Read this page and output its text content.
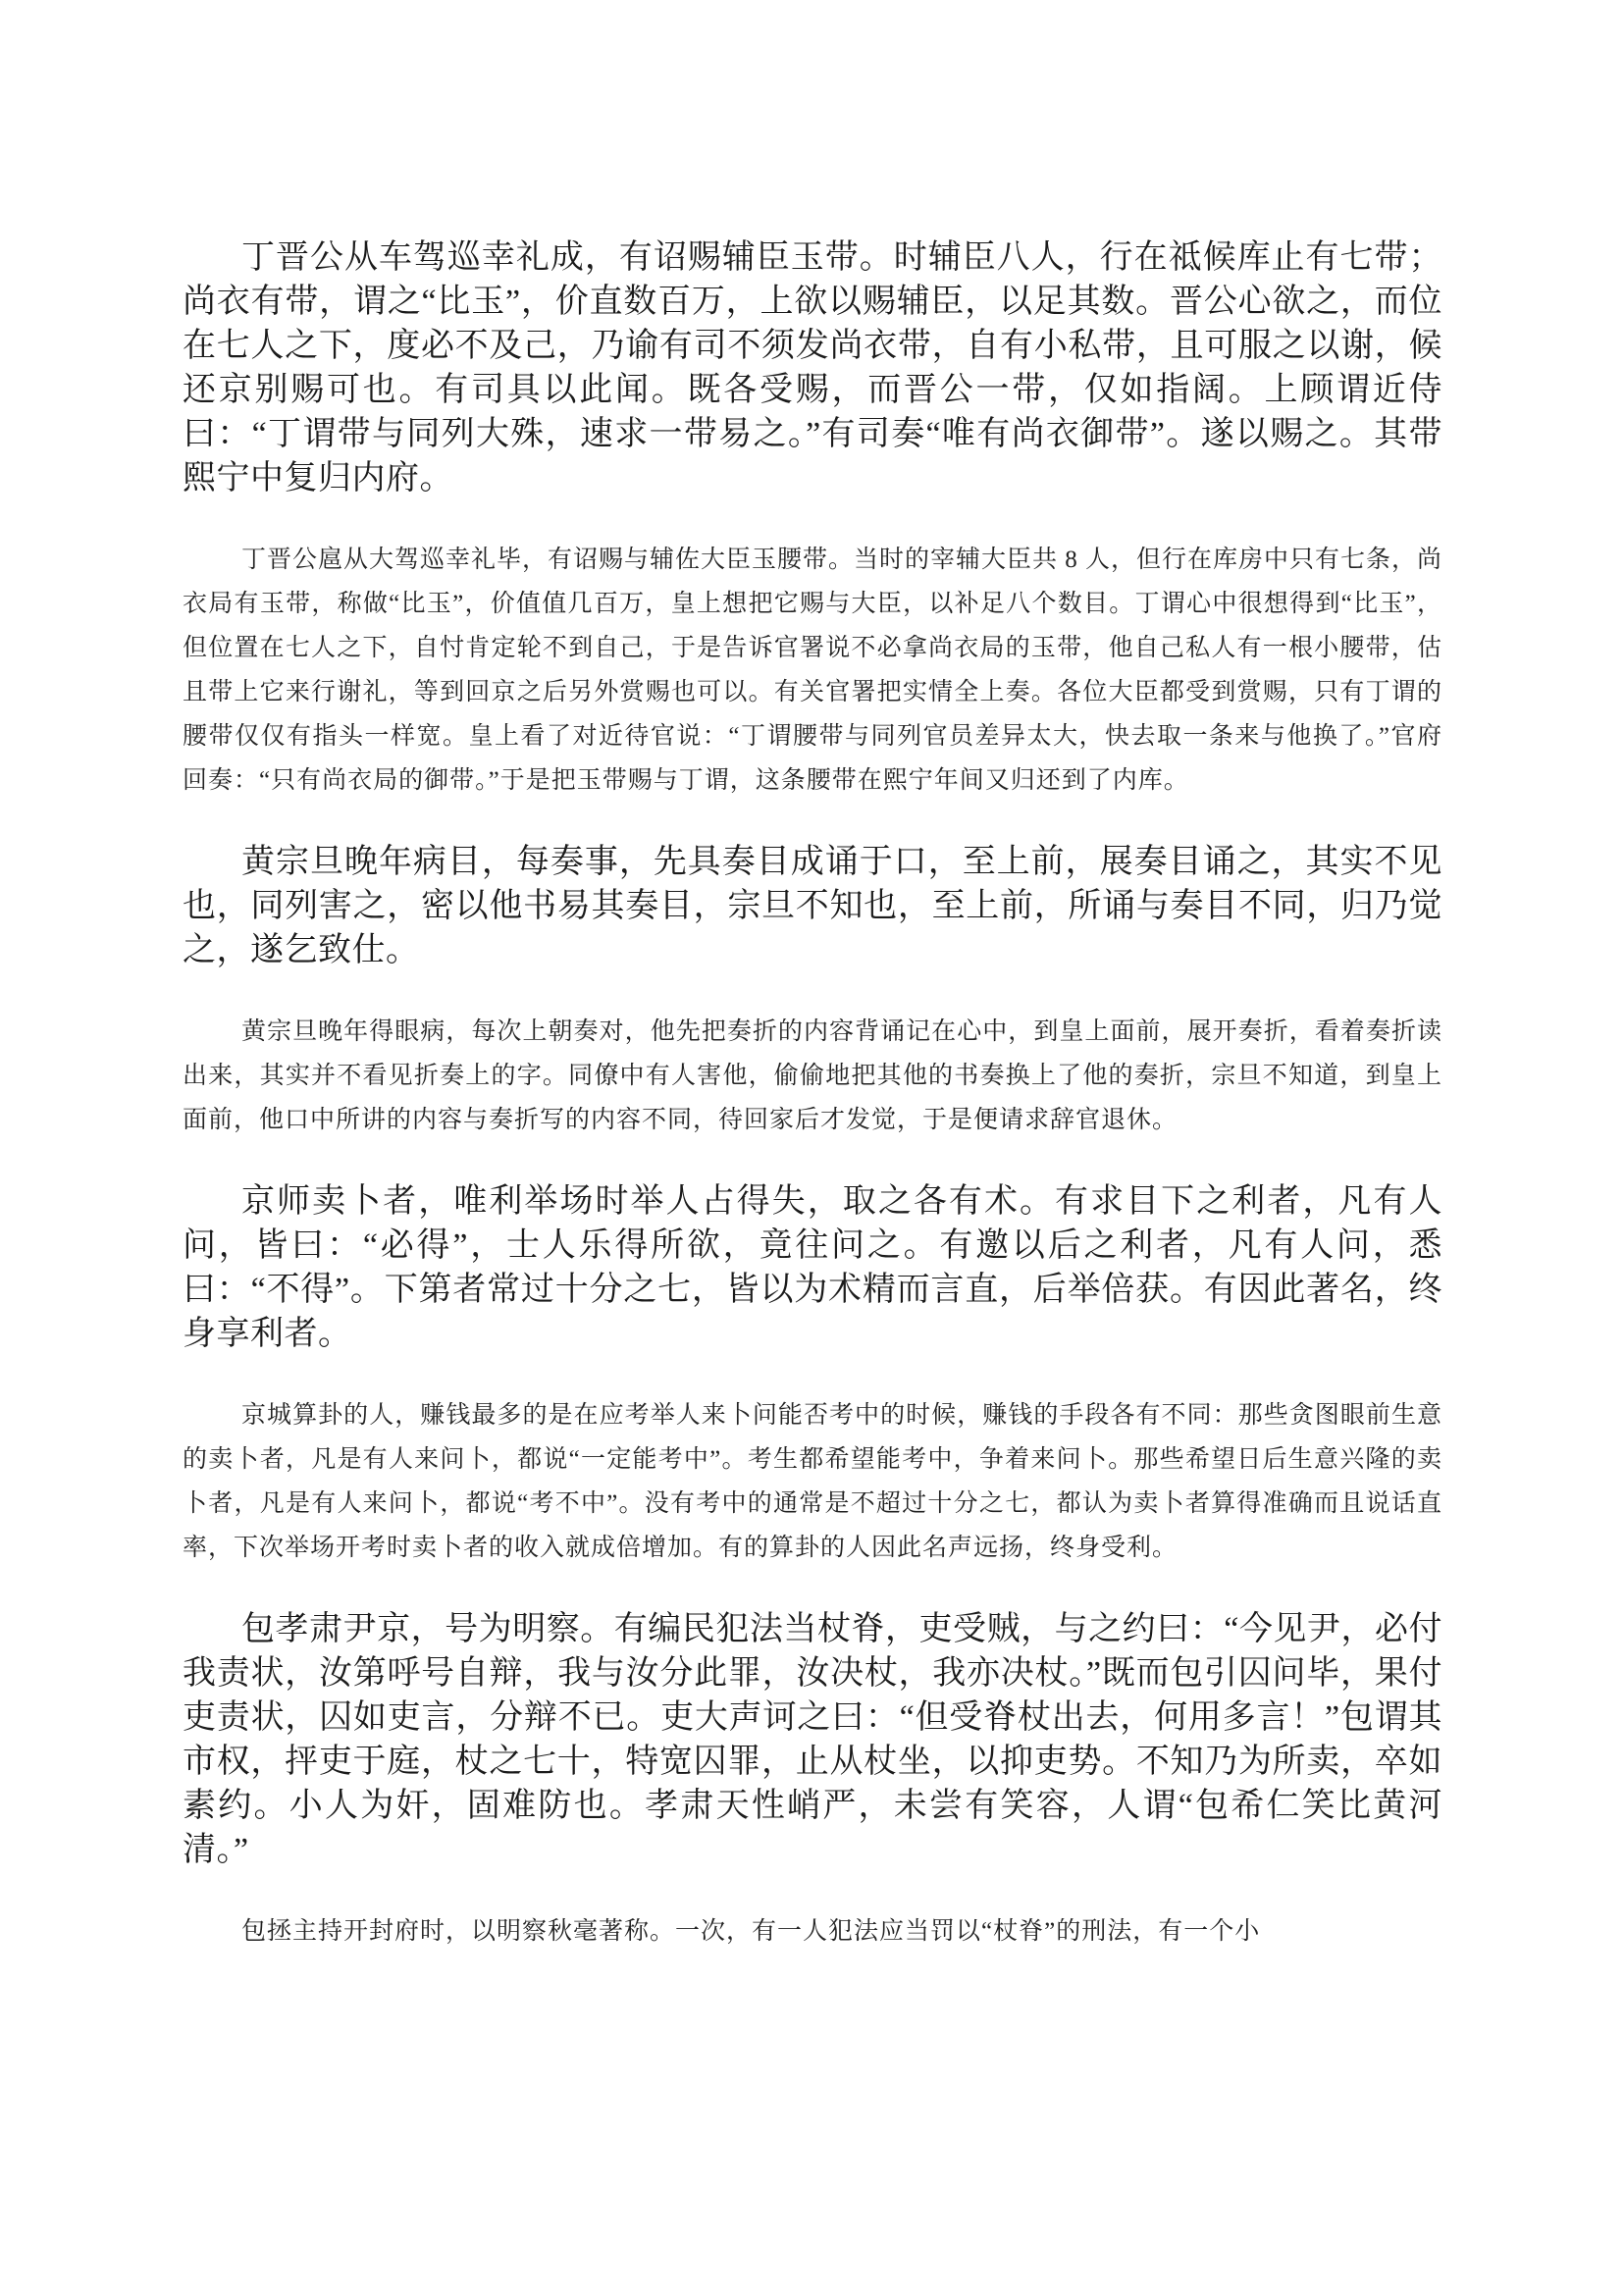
丁晋公从车驾巡幸礼成，有诏赐辅臣玉带。时辅臣八人，行在祗候库止有七带；尚衣有带，谓之“比玉”，价直数百万，上欲以赐辅臣，以足其数。晋公心欲之，而位在七人之下，度必不及己，乃谕有司不须发尚衣带，自有小私带，且可服之以谢，候还京别赐可也。有司具以此闻。既各受赐，而晋公一带，仅如指阔。上顾谓近侍曰：“丁谓带与同列大殊，速求一带易之。”有司奏“唯有尚衣御带”。遂以赐之。其带熙宁中复归内府。

丁晋公扈从大驾巡幸礼毕，有诏赐与辅佐大臣玉腰带。当时的宰辅大臣共 8 人，但行在库房中只有七条，尚衣局有玉带，称做“比玉”，价值值几百万，皇上想把它赐与大臣，以补足八个数目。丁谓心中很想得到“比玉”，但位置在七人之下，自忖肯定轮不到自己，于是告诉官署说不必拿尚衣局的玉带，他自己私人有一根小腰带，估且带上它来行谢礼，等到回京之后另外赏赐也可以。有关官署把实情全上奏。各位大臣都受到赏赐，只有丁谓的腰带仅仅有指头一样宽。皇上看了对近待官说：“丁谓腰带与同列官员差异太大，快去取一条来与他换了。”官府回奏：“只有尚衣局的御带。”于是把玉带赐与丁谓，这条腰带在熙宁年间又归还到了内库。

黄宗旦晚年病目，每奏事，先具奏目成诵于口，至上前，展奏目诵之，其实不见也，同列害之，密以他书易其奏目，宗旦不知也，至上前，所诵与奏目不同，归乃觉之，遂乞致仕。

黄宗旦晚年得眼病，每次上朝奏对，他先把奏折的内容背诵记在心中，到皇上面前，展开奏折，看着奏折读出来，其实并不看见折奏上的字。同僚中有人害他，偷偷地把其他的书奏换上了他的奏折，宗旦不知道，到皇上面前，他口中所讲的内容与奏折写的内容不同，待回家后才发觉，于是便请求辞官退休。

京师卖卜者，唯利举场时举人占得失，取之各有术。有求目下之利者，凡有人问，皆曰：“必得”，士人乐得所欲，竟往问之。有邀以后之利者，凡有人问，悉曰：“不得”。下第者常过十分之七，皆以为术精而言直，后举倍获。有因此著名，终身享利者。

京城算卦的人，赚钱最多的是在应考举人来卜问能否考中的时候，赚钱的手段各有不同：那些贪图眼前生意的卖卜者，凡是有人来问卜，都说“一定能考中”。考生都希望能考中，争着来问卜。那些希望日后生意兴隆的卖卜者，凡是有人来问卜，都说“考不中”。没有考中的通常是不超过十分之七，都认为卖卜者算得准确而且说话直率，下次举场开考时卖卜者的收入就成倍增加。有的算卦的人因此名声远扬，终身受利。

包孝肃尹京，号为明察。有编民犯法当杖脊，吏受贼，与之约曰：“今见尹，必付我责状，汝第呼号自辩，我与汝分此罪，汝决杖，我亦决杖。”既而包引囚问毕，果付吏责状，囚如吏言，分辩不已。吏大声诃之曰：“但受脊杖出去，何用多言！”包谓其市权，抨吏于庭，杖之七十，特宽囚罪，止从杖坐，以抑吏势。不知乃为所卖，卒如素约。小人为奸，固难防也。孝肃天性峭严，未尝有笑容，人谓“包希仁笑比黄河清。”

包拯主持开封府时，以明察秋毫著称。一次，有一人犯法应当罚以“杖脊”的刑法，有一个小
